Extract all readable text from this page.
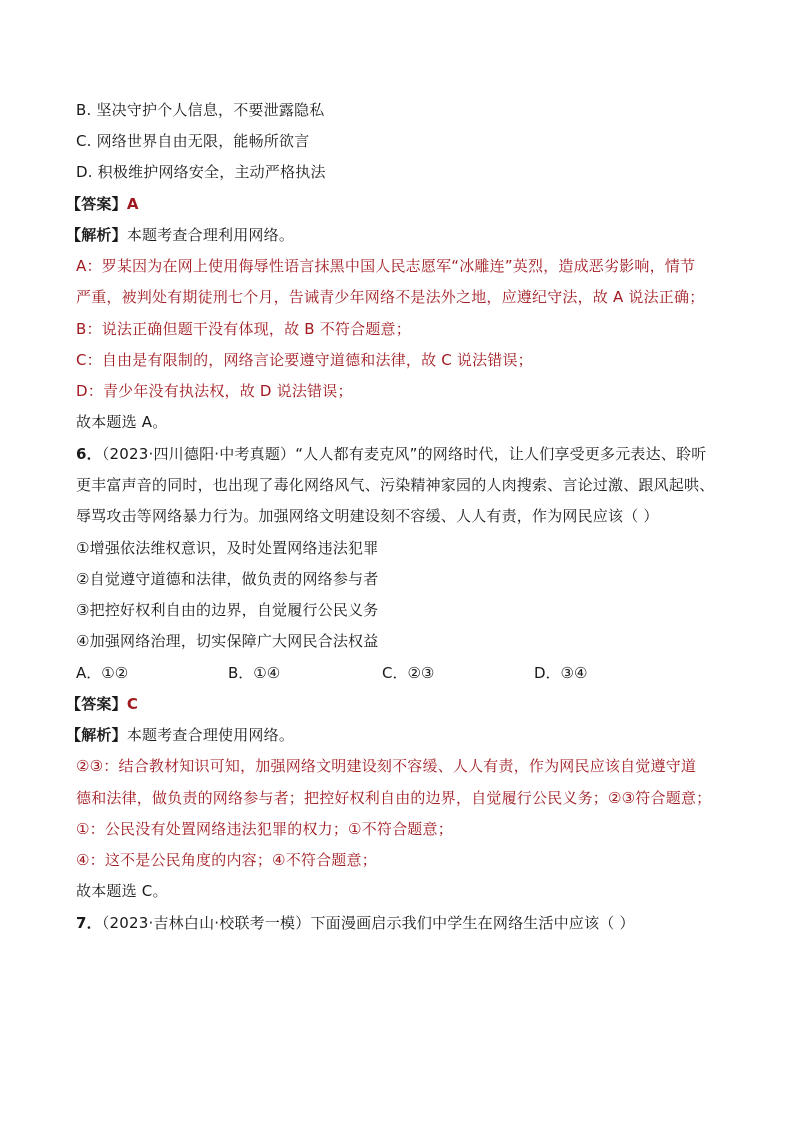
B. 坚决守护个人信息，不要泄露隐私
C. 网络世界自由无限，能畅所欲言
D. 积极维护网络安全，主动严格执法
【答案】A
【解析】本题考查合理利用网络。
A：罗某因为在网上使用侮辱性语言抹黑中国人民志愿军“冰雕连”英烈，造成恶劣影响，情节
严重，被判处有期徒刑七个月，告诫青少年网络不是法外之地，应遵纪守法，故 A 说法正确；
B：说法正确但题干没有体现，故 B 不符合题意；
C：自由是有限制的，网络言论要遵守道德和法律，故 C 说法错误；
D：青少年没有执法权，故 D 说法错误；
故本题选 A。
6．（2023·四川德阳·中考真题）“人人都有麦克风”的网络时代，让人们享受更多元表达、聆听
更丰富声音的同时，也出现了毒化网络风气、污染精神家园的人肉搜索、言论过激、跟风起哄、
辱骂攻击等网络暴力行为。加强网络文明建设刻不容缓、人人有责，作为网民应该（ ）
①增强依法维权意识，及时处置网络违法犯罪
②自觉遵守道德和法律，做负责的网络参与者
③把控好权利自由的边界，自觉履行公民义务
④加强网络治理，切实保障广大网民合法权益
A．①②	B．①④	C．②③	D．③④
【答案】C
【解析】本题考查合理使用网络。
②③：结合教材知识可知，加强网络文明建设刻不容缓、人人有责，作为网民应该自觉遵守道
德和法律，做负责的网络参与者；把控好权利自由的边界，自觉履行公民义务；②③符合题意；
①：公民没有处置网络违法犯罪的权力；①不符合题意；
④：这不是公民角度的内容；④不符合题意；
故本题选 C。
7．（2023·吉林白山·校联考一模）下面漫画启示我们中学生在网络生活中应该（ ）
